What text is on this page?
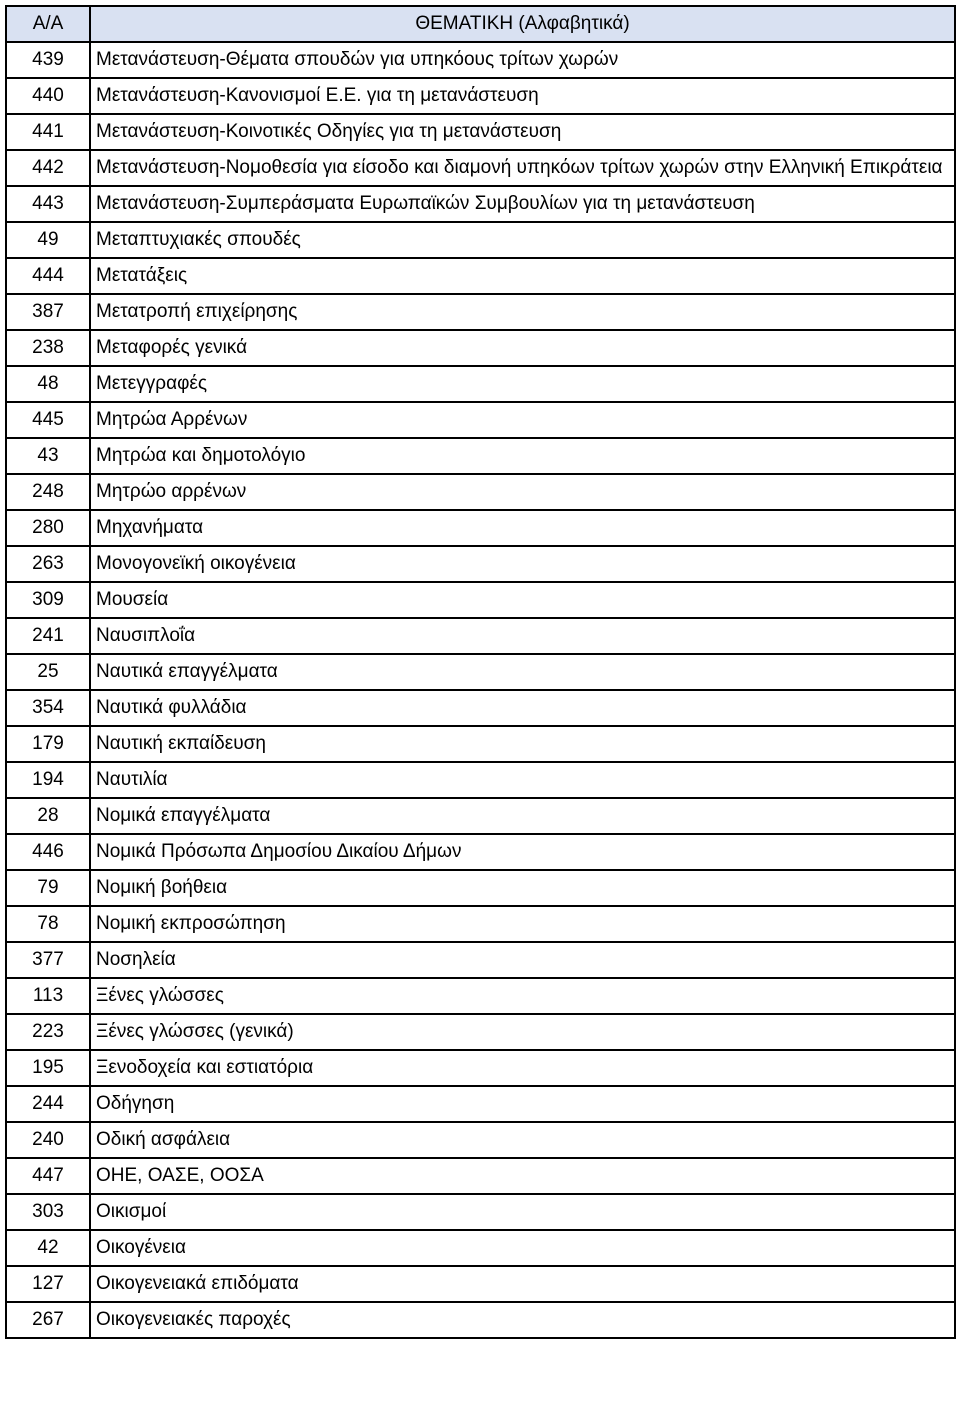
Α/Α	ΘΕΜΑΤΙΚΗ (Αλφαβητικά)
439	Μετανάστευση-Θέματα σπουδών για υπηκόους τρίτων χωρών

440	Μετανάστευση-Κανονισμοί Ε.Ε. για τη μετανάστευση

441	Μετανάστευση-Κοινοτικές Οδηγίες για τη μετανάστευση

442	Μετανάστευση-Νομοθεσία για είσοδο και διαμονή υπηκόων τρίτων χωρών στην Ελληνική Επικράτεια

443	Μετανάστευση-Συμπεράσματα Ευρωπαϊκών Συμβουλίων για τη μετανάστευση

49	Μεταπτυχιακές σπουδές

444	Μετατάξεις

387	Μετατροπή επιχείρησης

238	Μεταφορές γενικά

48	Μετεγγραφές

445	Μητρώα Αρρένων

43	Μητρώα και δημοτολόγιο

248	Μητρώο αρρένων

280	Μηχανήματα

263	Μονογονεϊκή οικογένεια

309	Μουσεία

241	Ναυσιπλοΐα

25	Ναυτικά επαγγέλματα

354	Ναυτικά φυλλάδια

179	Ναυτική εκπαίδευση

194	Ναυτιλία

28	Νομικά επαγγέλματα

446	Νομικά Πρόσωπα Δημοσίου Δικαίου Δήμων

79	Νομική βοήθεια

78	Νομική εκπροσώπηση

377	Νοσηλεία

113	Ξένες γλώσσες

223	Ξένες γλώσσες (γενικά)

195	Ξενοδοχεία και εστιατόρια

244	Οδήγηση

240	Οδική ασφάλεια

447	ΟΗΕ, ΟΑΣΕ, ΟΟΣΑ

303	Οικισμοί

42	Οικογένεια

127	Οικογενειακά επιδόματα

267	Οικογενειακές παροχές
